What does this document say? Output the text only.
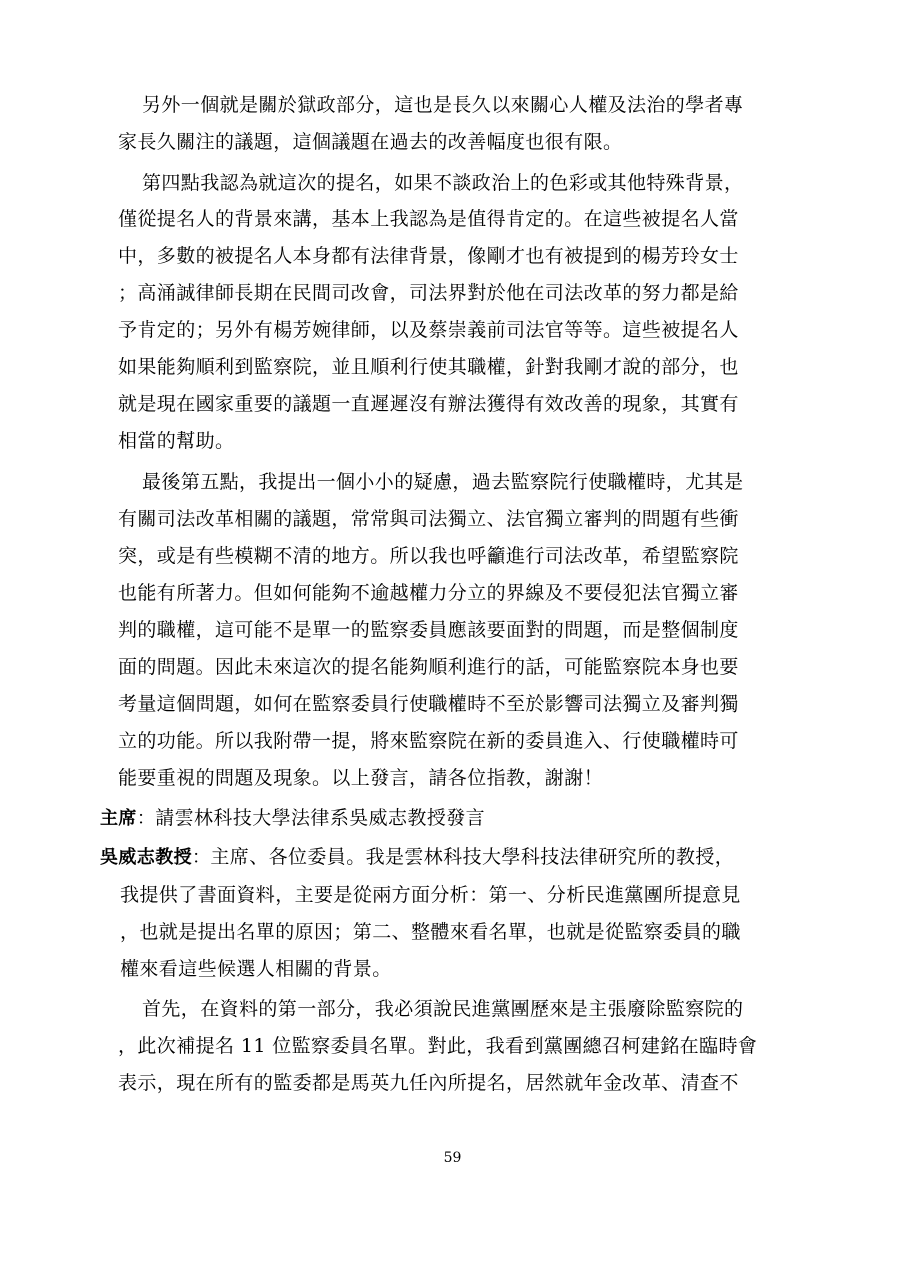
另外一個就是關於獄政部分，這也是長久以來關心人權及法治的學者專
家長久關注的議題，這個議題在過去的改善幅度也很有限。
第四點我認為就這次的提名，如果不談政治上的色彩或其他特殊背景，
僅從提名人的背景來講，基本上我認為是值得肯定的。在這些被提名人當
中，多數的被提名人本身都有法律背景，像剛才也有被提到的楊芳玲女士
；高涌誠律師長期在民間司改會，司法界對於他在司法改革的努力都是給
予肯定的；另外有楊芳婉律師，以及蔡崇義前司法官等等。這些被提名人
如果能夠順利到監察院，並且順利行使其職權，針對我剛才說的部分，也
就是現在國家重要的議題一直遲遲沒有辦法獲得有效改善的現象，其實有
相當的幫助。
最後第五點，我提出一個小小的疑慮，過去監察院行使職權時，尤其是
有關司法改革相關的議題，常常與司法獨立、法官獨立審判的問題有些衝
突，或是有些模糊不清的地方。所以我也呼籲進行司法改革，希望監察院
也能有所著力。但如何能夠不逾越權力分立的界線及不要侵犯法官獨立審
判的職權，這可能不是單一的監察委員應該要面對的問題，而是整個制度
面的問題。因此未來這次的提名能夠順利進行的話，可能監察院本身也要
考量這個問題，如何在監察委員行使職權時不至於影響司法獨立及審判獨
立的功能。所以我附帶一提，將來監察院在新的委員進入、行使職權時可
能要重視的問題及現象。以上發言，請各位指教，謝謝！
主席：請雲林科技大學法律系吳威志教授發言
吳威志教授：主席、各位委員。我是雲林科技大學科技法律研究所的教授，
我提供了書面資料，主要是從兩方面分析：第一、分析民進黨團所提意見
，也就是提出名單的原因；第二、整體來看名單，也就是從監察委員的職
權來看這些候選人相關的背景。
首先，在資料的第一部分，我必須說民進黨團歷來是主張廢除監察院的
，此次補提名 11 位監察委員名單。對此，我看到黨團總召柯建銘在臨時會
表示，現在所有的監委都是馬英九任內所提名，居然就年金改革、清查不
59
